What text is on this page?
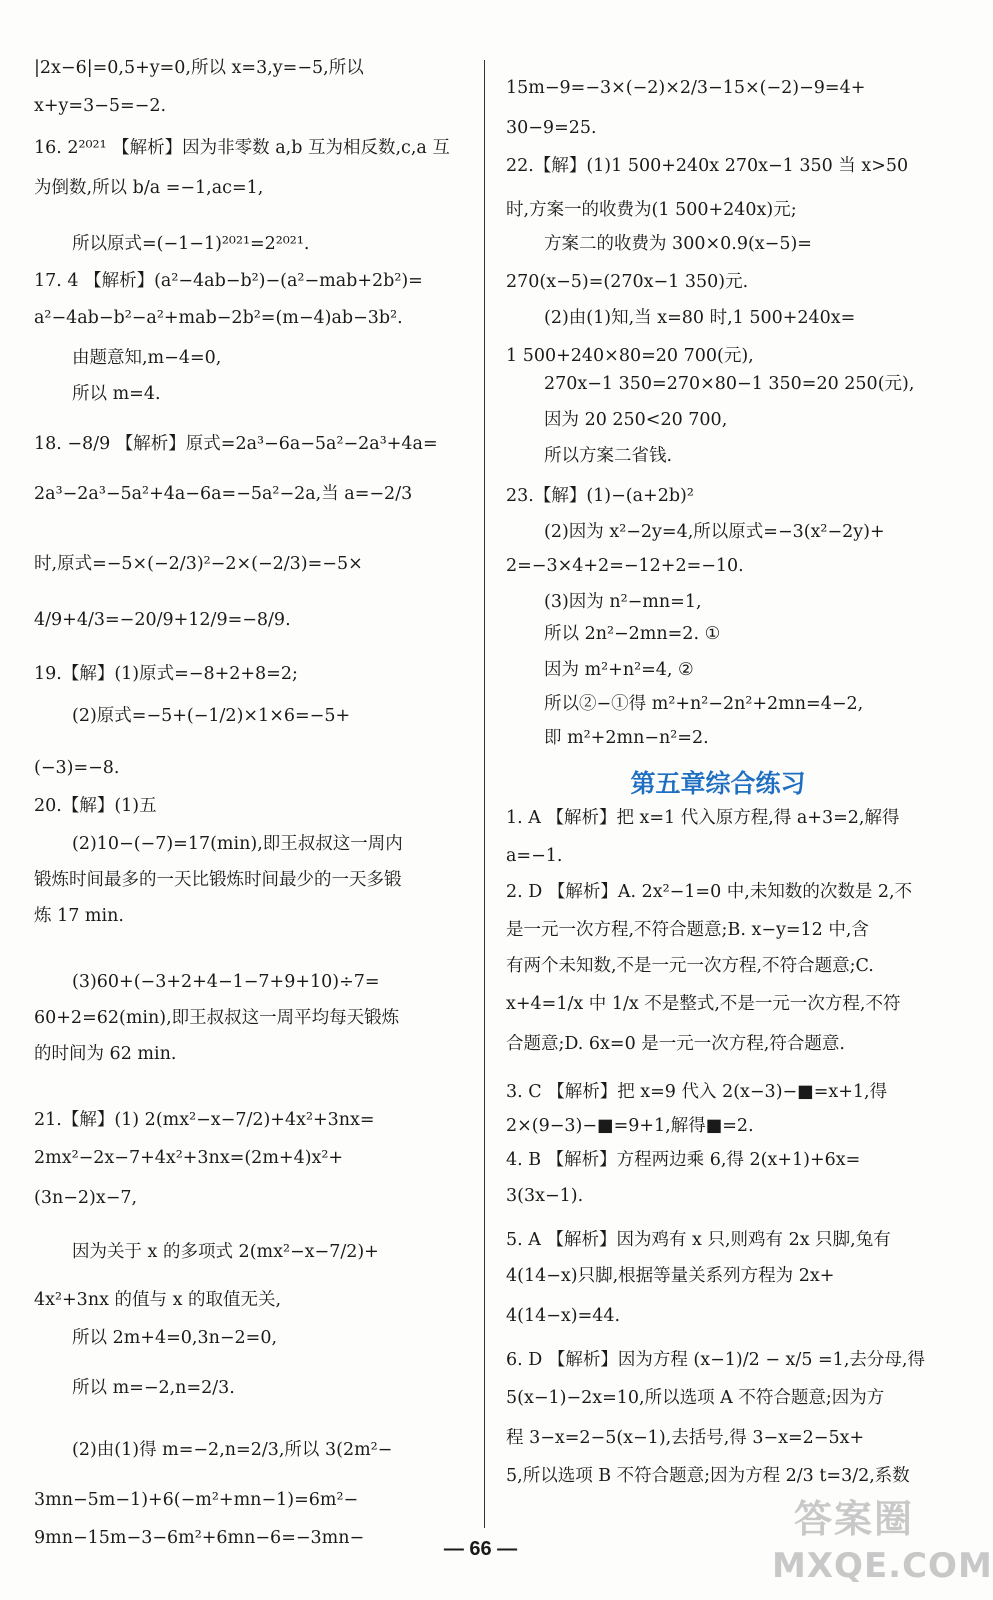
|2x−6|=0,5+y=0,所以 x=3,y=−5,所以
x+y=3−5=−2.
16. 2²⁰²¹ 【解析】因为非零数 a,b 互为相反数,c,a 互
为倒数,所以 b/a =−1,ac=1,
所以原式=(−1−1)²⁰²¹=2²⁰²¹.
17. 4 【解析】(a²−4ab−b²)−(a²−mab+2b²)=
a²−4ab−b²−a²+mab−2b²=(m−4)ab−3b².
由题意知,m−4=0,
所以 m=4.
18. −8/9 【解析】原式=2a³−6a−5a²−2a³+4a=
2a³−2a³−5a²+4a−6a=−5a²−2a,当 a=−2/3
时,原式=−5×(−2/3)²−2×(−2/3)=−5×
4/9+4/3=−20/9+12/9=−8/9.
19.【解】(1)原式=−8+2+8=2;
(2)原式=−5+(−1/2)×1×6=−5+
(−3)=−8.
20.【解】(1)五
(2)10−(−7)=17(min),即王叔叔这一周内
锻炼时间最多的一天比锻炼时间最少的一天多锻
炼 17 min.
(3)60+(−3+2+4−1−7+9+10)÷7=
60+2=62(min),即王叔叔这一周平均每天锻炼
的时间为 62 min.
21.【解】(1) 2(mx²−x−7/2)+4x²+3nx=
2mx²−2x−7+4x²+3nx=(2m+4)x²+
(3n−2)x−7,
因为关于 x 的多项式 2(mx²−x−7/2)+
4x²+3nx 的值与 x 的取值无关,
所以 2m+4=0,3n−2=0,
所以 m=−2,n=2/3.
(2)由(1)得 m=−2,n=2/3,所以 3(2m²−
3mn−5m−1)+6(−m²+mn−1)=6m²−
9mn−15m−3−6m²+6mn−6=−3mn−
第五章综合练习
15m−9=−3×(−2)×2/3−15×(−2)−9=4+
30−9=25.
22.【解】(1)1 500+240x 270x−1 350 当 x>50
时,方案一的收费为(1 500+240x)元;
方案二的收费为 300×0.9(x−5)=
270(x−5)=(270x−1 350)元.
(2)由(1)知,当 x=80 时,1 500+240x=
1 500+240×80=20 700(元),
270x−1 350=270×80−1 350=20 250(元),
因为 20 250<20 700,
所以方案二省钱.
23.【解】(1)−(a+2b)²
(2)因为 x²−2y=4,所以原式=−3(x²−2y)+
2=−3×4+2=−12+2=−10.
(3)因为 n²−mn=1,
所以 2n²−2mn=2. ①
因为 m²+n²=4, ②
所以②−①得 m²+n²−2n²+2mn=4−2,
即 m²+2mn−n²=2.
1. A 【解析】把 x=1 代入原方程,得 a+3=2,解得
a=−1.
2. D 【解析】A. 2x²−1=0 中,未知数的次数是 2,不
是一元一次方程,不符合题意;B. x−y=12 中,含
有两个未知数,不是一元一次方程,不符合题意;C.
x+4=1/x 中 1/x 不是整式,不是一元一次方程,不符
合题意;D. 6x=0 是一元一次方程,符合题意.
3. C 【解析】把 x=9 代入 2(x−3)−■=x+1,得
2×(9−3)−■=9+1,解得■=2.
4. B 【解析】方程两边乘 6,得 2(x+1)+6x=
3(3x−1).
5. A 【解析】因为鸡有 x 只,则鸡有 2x 只脚,兔有
4(14−x)只脚,根据等量关系列方程为 2x+
4(14−x)=44.
6. D 【解析】因为方程 (x−1)/2 − x/5 =1,去分母,得
5(x−1)−2x=10,所以选项 A 不符合题意;因为方
程 3−x=2−5(x−1),去括号,得 3−x=2−5x+
5,所以选项 B 不符合题意;因为方程 2/3 t=3/2,系数
— 66 —
答案圈
MXQE.COM
